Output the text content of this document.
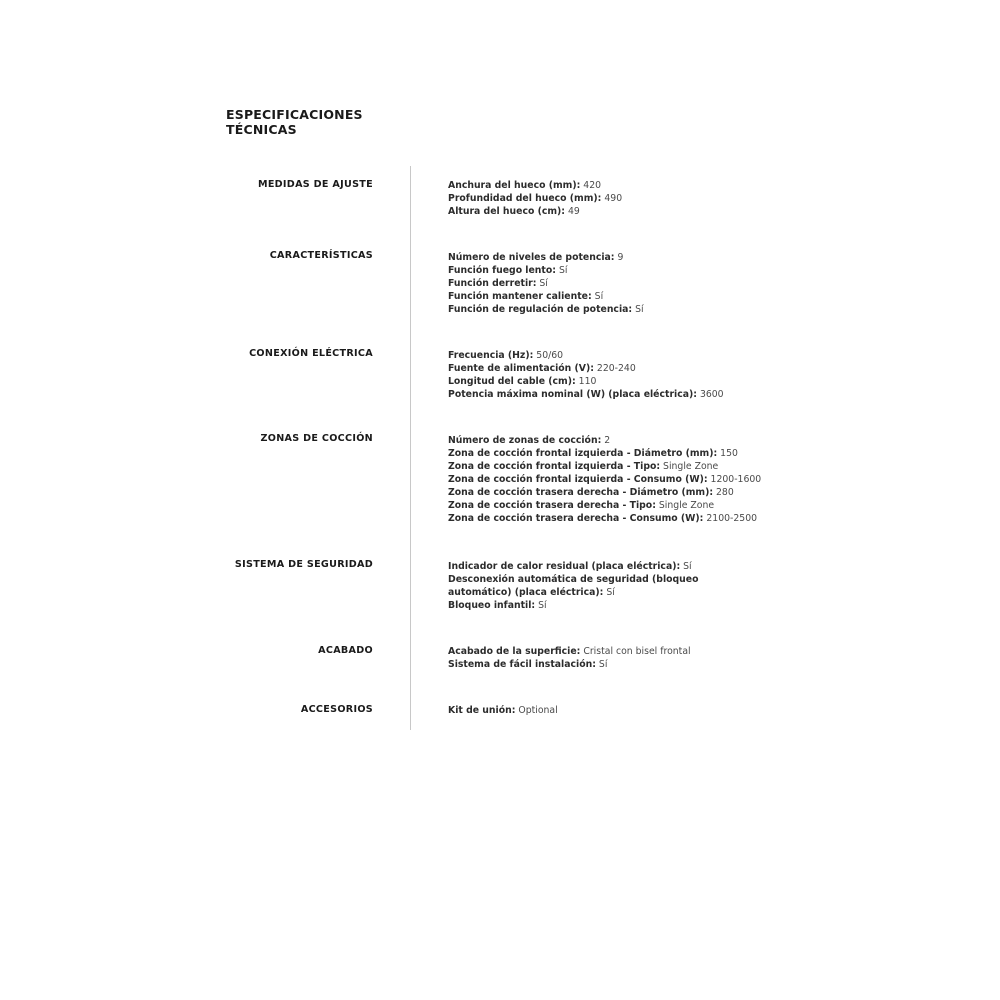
ESPECIFICACIONES
TÉCNICAS
MEDIDAS DE AJUSTE	Anchura del hueco (mm): 420
Profundidad del hueco (mm): 490
Altura del hueco (cm): 49
CARACTERÍSTICAS	Número de niveles de potencia: 9
Función fuego lento: Sí
Función derretir: Sí
Función mantener caliente: Sí
Función de regulación de potencia: Sí
CONEXIÓN ELÉCTRICA	Frecuencia (Hz): 50/60
Fuente de alimentación (V): 220-240
Longitud del cable (cm): 110
Potencia máxima nominal (W) (placa eléctrica): 3600
ZONAS DE COCCIÓN	Número de zonas de cocción: 2
Zona de cocción frontal izquierda - Diámetro (mm): 150
Zona de cocción frontal izquierda - Tipo: Single Zone
Zona de cocción frontal izquierda - Consumo (W): 1200-1600
Zona de cocción trasera derecha - Diámetro (mm): 280
Zona de cocción trasera derecha - Tipo: Single Zone
Zona de cocción trasera derecha - Consumo (W): 2100-2500
SISTEMA DE SEGURIDAD	Indicador de calor residual (placa eléctrica): Sí
Desconexión automática de seguridad (bloqueo automático) (placa eléctrica): Sí
Bloqueo infantil: Sí
ACABADO	Acabado de la superficie: Cristal con bisel frontal
Sistema de fácil instalación: Sí
ACCESORIOS	Kit de unión: Optional
